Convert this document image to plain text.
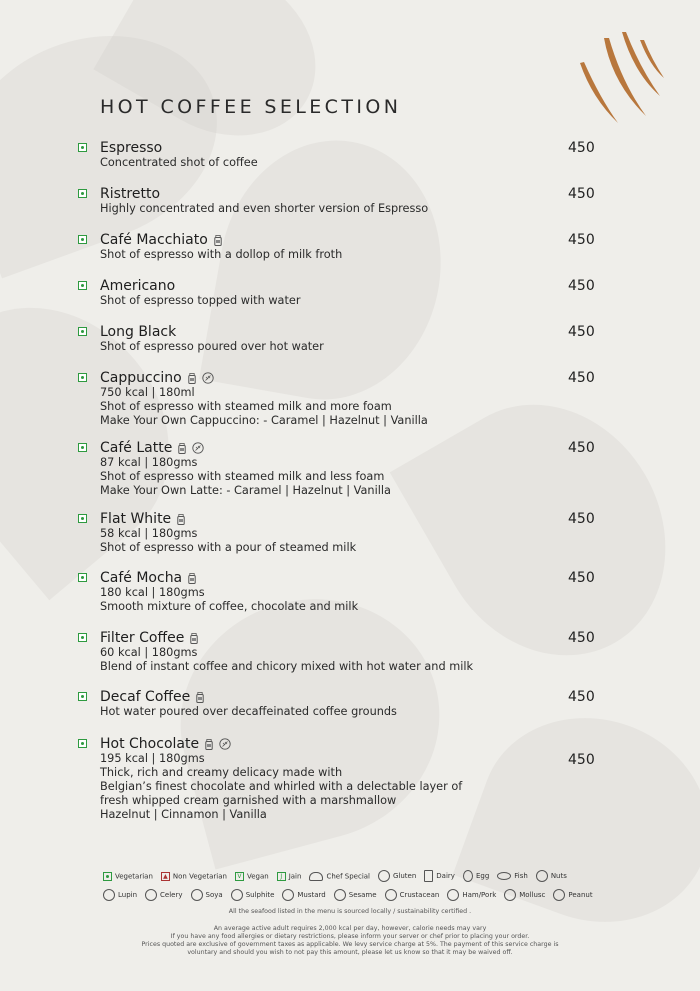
HOT COFFEE SELECTION
Espresso	450
Concentrated shot of coffee
Ristretto	450
Highly concentrated and even shorter version of Espresso
Café Macchiato	450
Shot of espresso with a dollop of milk froth
Americano	450
Shot of espresso topped with water
Long Black	450
Shot of espresso poured over hot water
Cappuccino	450
750 kcal | 180ml
Shot of espresso with steamed milk and more foam
Make Your Own Cappuccino: - Caramel | Hazelnut | Vanilla
Café Latte	450
87 kcal | 180gms
Shot of espresso with steamed milk and less foam
Make Your Own Latte: - Caramel | Hazelnut | Vanilla
Flat White	450
58 kcal | 180gms
Shot of espresso with a pour of steamed milk
Café Mocha	450
180 kcal | 180gms
Smooth mixture of coffee, chocolate and milk
Filter Coffee	450
60 kcal | 180gms
Blend of instant coffee and chicory mixed with hot water and milk
Decaf Coffee	450
Hot water poured over decaffeinated coffee grounds
Hot Chocolate
450
195 kcal | 180gms
Thick, rich and creamy delicacy made with
Belgian’s finest chocolate and whirled with a delectable layer of
fresh whipped cream garnished with a marshmallow
Hazelnut | Cinnamon | Vanilla
Vegetarian ▲ Non Vegetarian V Vegan J Jain	Chef Special	Gluten	Dairy	Egg	Fish	Nuts
Lupin	Celery	Soya	Sulphite	Mustard	Sesame	Crustacean	Ham/Pork	Mollusc	Peanut
All the seafood listed in the menu is sourced locally / sustainability certified .
An average active adult requires 2,000 kcal per day, however, calorie needs may vary
If you have any food allergies or dietary restrictions, please inform your server or chef prior to placing your order.
Prices quoted are exclusive of government taxes as applicable. We levy service charge at 5%. The payment of this service charge is
voluntary and should you wish to not pay this amount, please let us know so that it may be waived off.
